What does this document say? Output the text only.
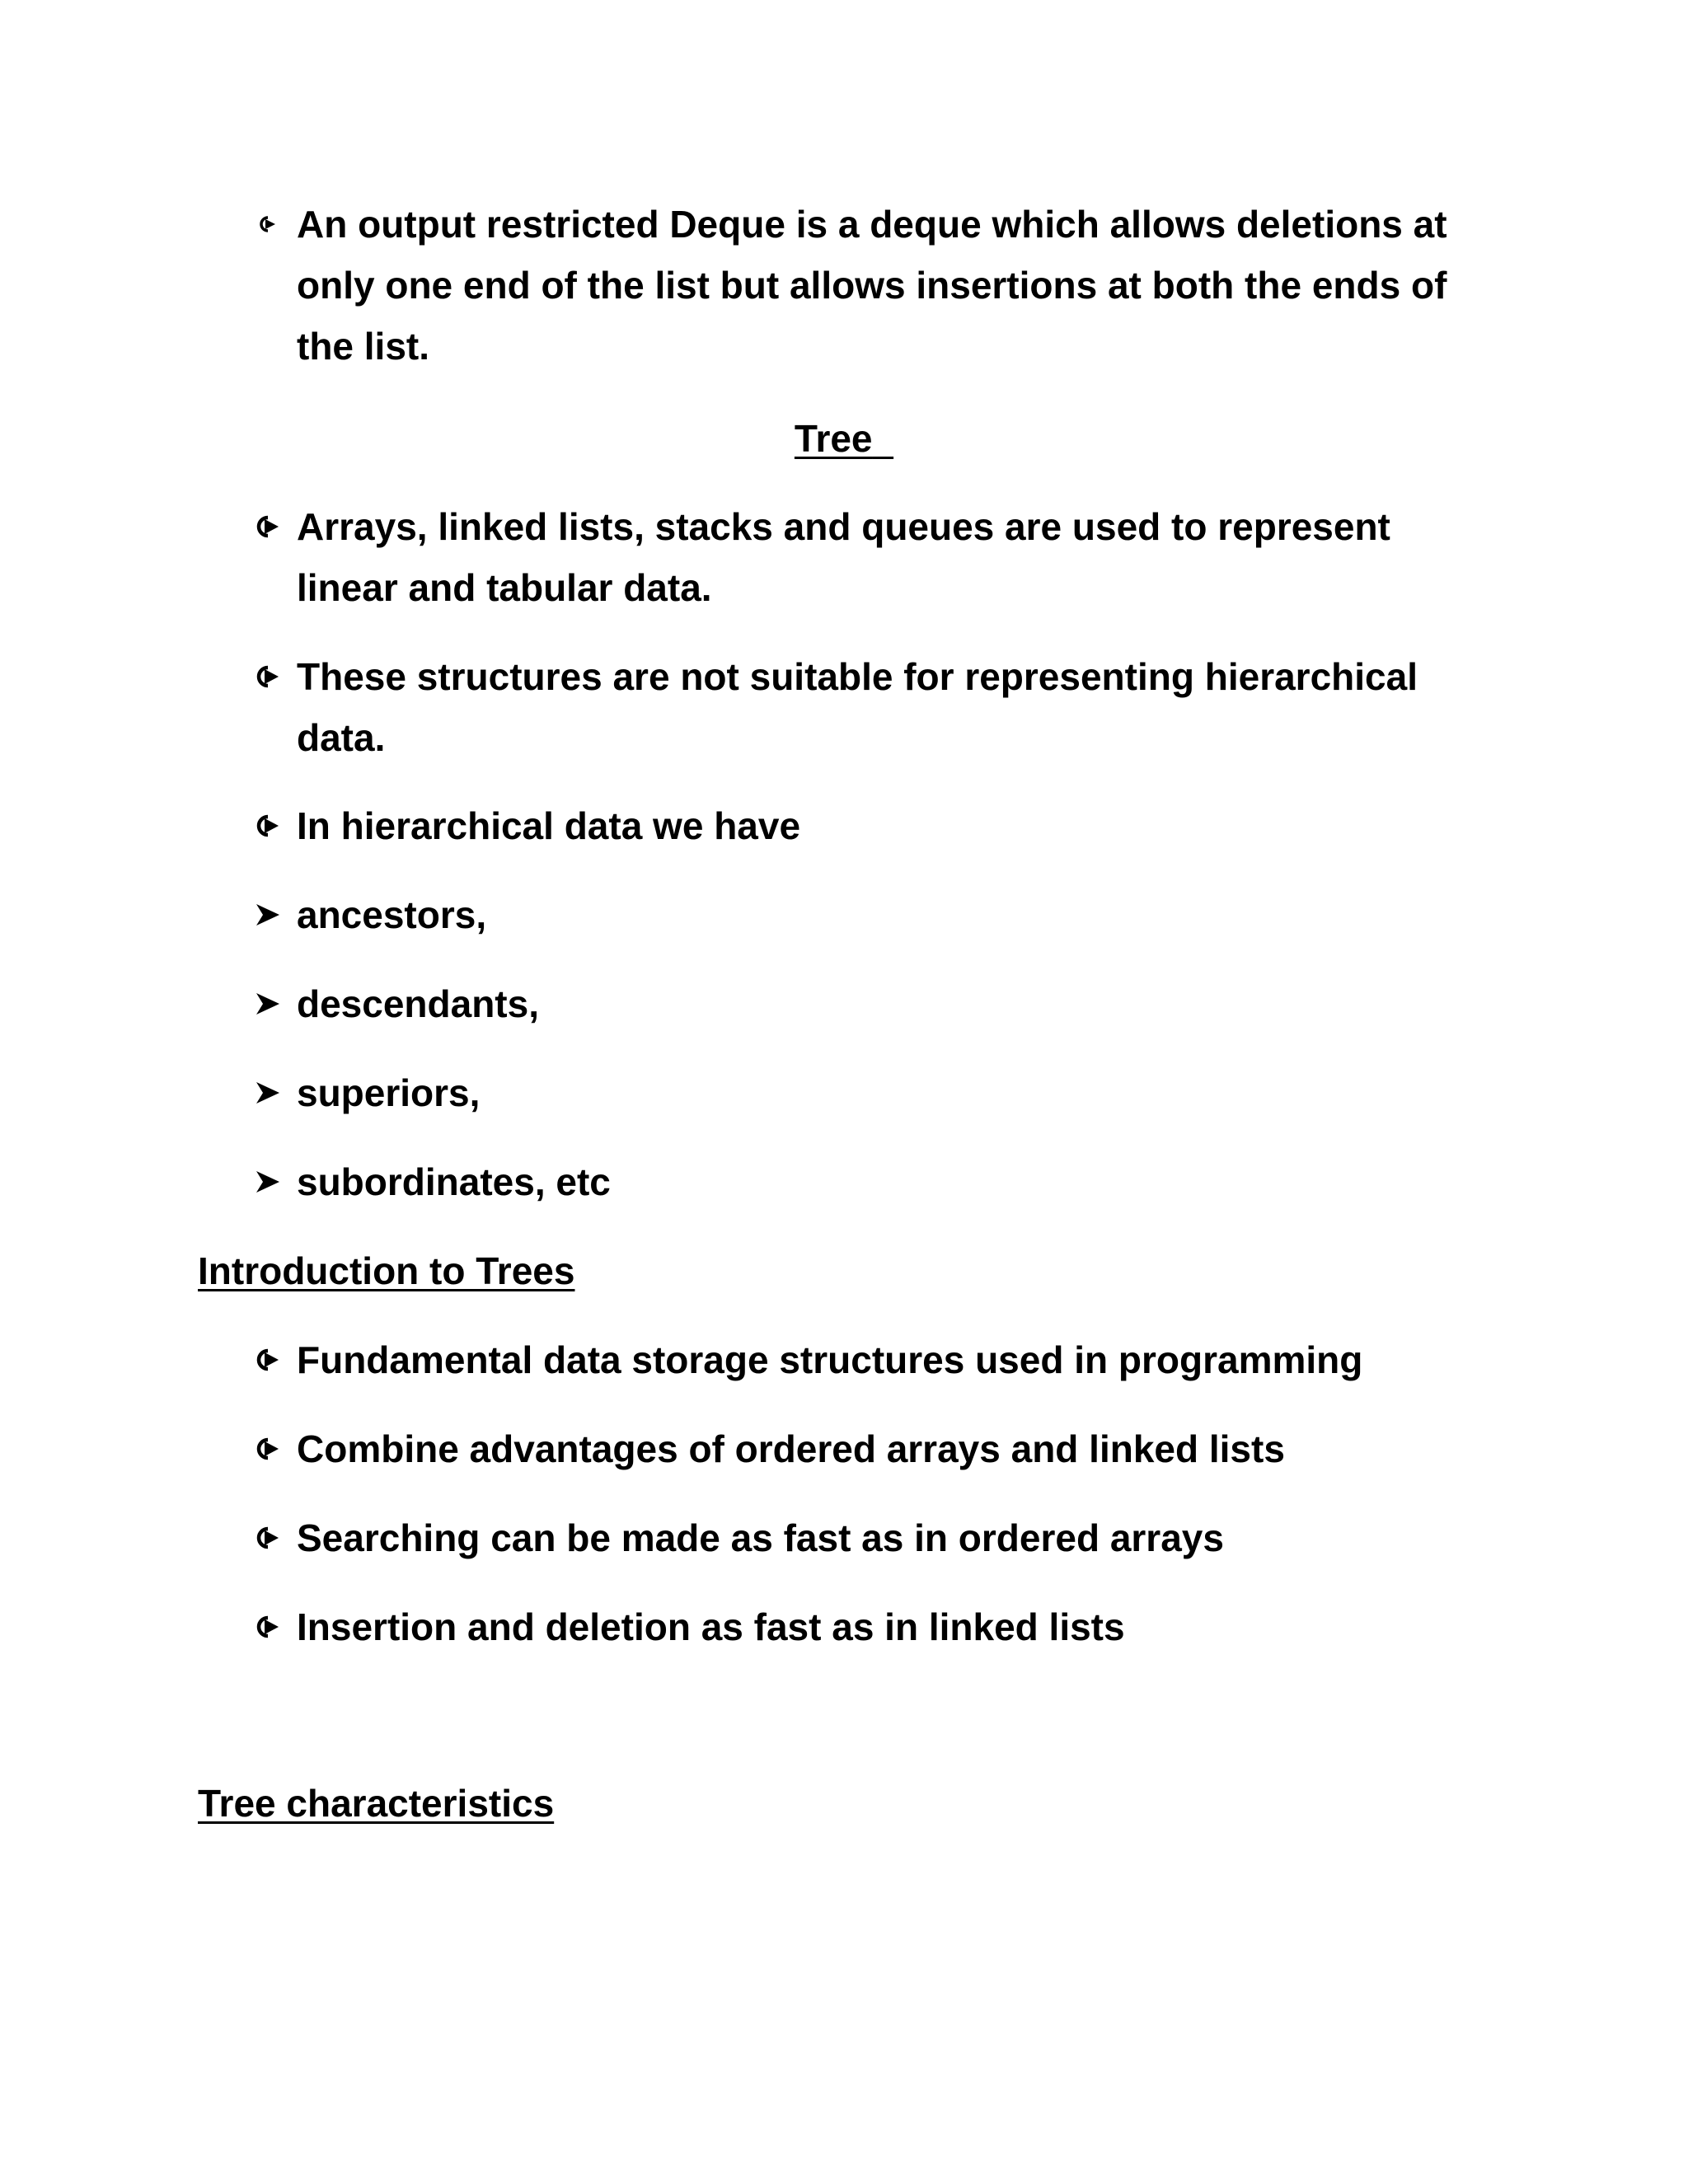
An output restricted Deque is a deque which allows deletions at only one end of the list but allows insertions at both the ends of the list.
Tree
Arrays, linked lists, stacks and queues are used to represent linear and tabular data.
These structures are not suitable for representing hierarchical data.
In hierarchical data we have
ancestors,
descendants,
superiors,
subordinates, etc
Introduction to Trees
Fundamental data storage structures used in programming
Combine advantages of ordered arrays and linked lists
Searching can be made as fast as in ordered arrays
Insertion and deletion as fast as in linked lists
Tree characteristics
